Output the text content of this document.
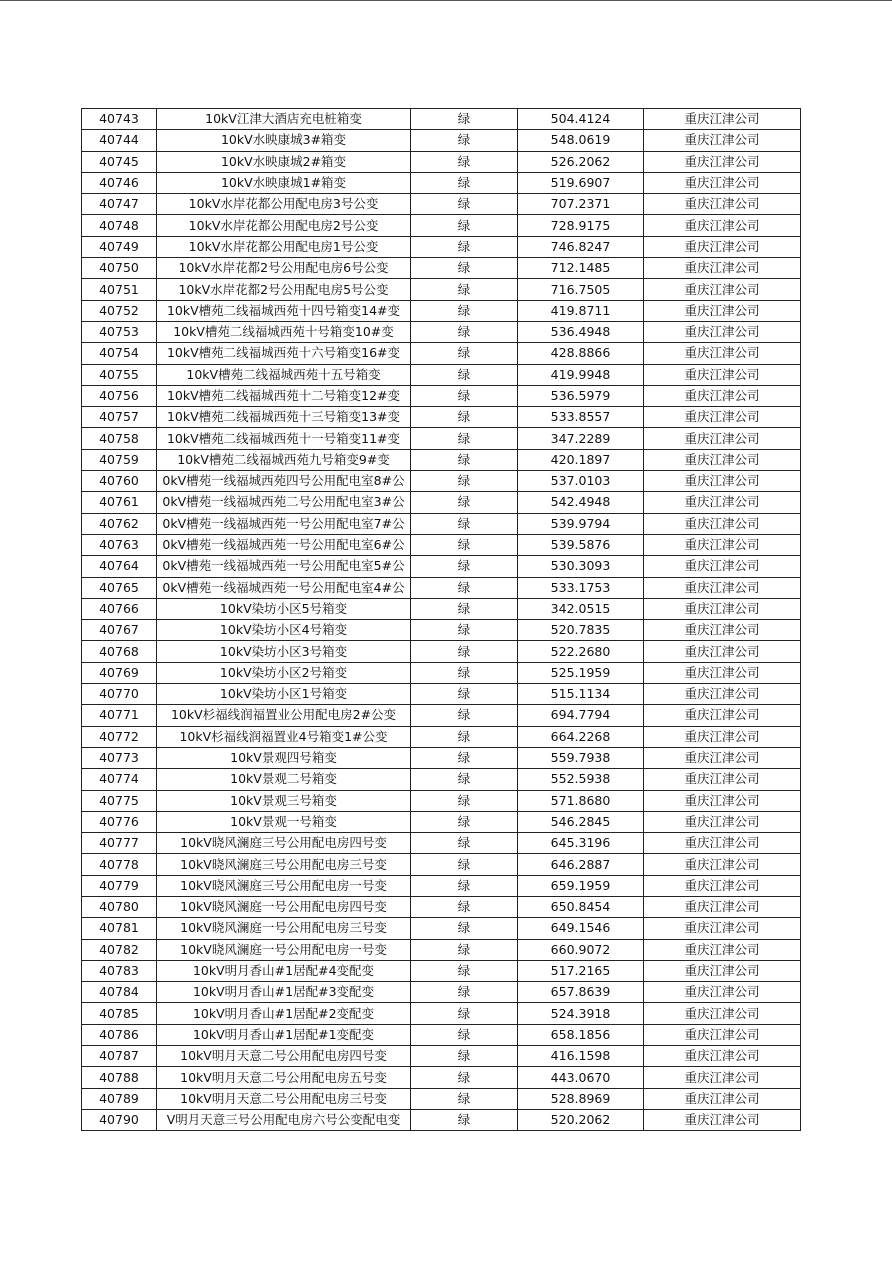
40743	10kV江津大酒店充电桩箱变	绿	504.4124	重庆江津公司
40744	10kV水映康城3#箱变	绿	548.0619	重庆江津公司
40745	10kV水映康城2#箱变	绿	526.2062	重庆江津公司
40746	10kV水映康城1#箱变	绿	519.6907	重庆江津公司
40747	10kV水岸花都公用配电房3号公变	绿	707.2371	重庆江津公司
40748	10kV水岸花都公用配电房2号公变	绿	728.9175	重庆江津公司
40749	10kV水岸花都公用配电房1号公变	绿	746.8247	重庆江津公司
40750	10kV水岸花都2号公用配电房6号公变	绿	712.1485	重庆江津公司
40751	10kV水岸花都2号公用配电房5号公变	绿	716.7505	重庆江津公司
40752	10kV槽苑二线福城西苑十四号箱变14#变	绿	419.8711	重庆江津公司
40753	10kV槽苑二线福城西苑十号箱变10#变	绿	536.4948	重庆江津公司
40754	10kV槽苑二线福城西苑十六号箱变16#变	绿	428.8866	重庆江津公司
40755	10kV槽苑二线福城西苑十五号箱变	绿	419.9948	重庆江津公司
40756	10kV槽苑二线福城西苑十二号箱变12#变	绿	536.5979	重庆江津公司
40757	10kV槽苑二线福城西苑十三号箱变13#变	绿	533.8557	重庆江津公司
40758	10kV槽苑二线福城西苑十一号箱变11#变	绿	347.2289	重庆江津公司
40759	10kV槽苑二线福城西苑九号箱变9#变	绿	420.1897	重庆江津公司
40760	0kV槽苑一线福城西苑四号公用配电室8#公	绿	537.0103	重庆江津公司
40761	0kV槽苑一线福城西苑二号公用配电室3#公	绿	542.4948	重庆江津公司
40762	0kV槽苑一线福城西苑一号公用配电室7#公	绿	539.9794	重庆江津公司
40763	0kV槽苑一线福城西苑一号公用配电室6#公	绿	539.5876	重庆江津公司
40764	0kV槽苑一线福城西苑一号公用配电室5#公	绿	530.3093	重庆江津公司
40765	0kV槽苑一线福城西苑一号公用配电室4#公	绿	533.1753	重庆江津公司
40766	10kV染坊小区5号箱变	绿	342.0515	重庆江津公司
40767	10kV染坊小区4号箱变	绿	520.7835	重庆江津公司
40768	10kV染坊小区3号箱变	绿	522.2680	重庆江津公司
40769	10kV染坊小区2号箱变	绿	525.1959	重庆江津公司
40770	10kV染坊小区1号箱变	绿	515.1134	重庆江津公司
40771	10kV杉福线润福置业公用配电房2#公变	绿	694.7794	重庆江津公司
40772	10kV杉福线润福置业4号箱变1#公变	绿	664.2268	重庆江津公司
40773	10kV景观四号箱变	绿	559.7938	重庆江津公司
40774	10kV景观二号箱变	绿	552.5938	重庆江津公司
40775	10kV景观三号箱变	绿	571.8680	重庆江津公司
40776	10kV景观一号箱变	绿	546.2845	重庆江津公司
40777	10kV晓风澜庭三号公用配电房四号变	绿	645.3196	重庆江津公司
40778	10kV晓风澜庭三号公用配电房三号变	绿	646.2887	重庆江津公司
40779	10kV晓风澜庭三号公用配电房一号变	绿	659.1959	重庆江津公司
40780	10kV晓风澜庭一号公用配电房四号变	绿	650.8454	重庆江津公司
40781	10kV晓风澜庭一号公用配电房三号变	绿	649.1546	重庆江津公司
40782	10kV晓风澜庭一号公用配电房一号变	绿	660.9072	重庆江津公司
40783	10kV明月香山#1居配#4变配变	绿	517.2165	重庆江津公司
40784	10kV明月香山#1居配#3变配变	绿	657.8639	重庆江津公司
40785	10kV明月香山#1居配#2变配变	绿	524.3918	重庆江津公司
40786	10kV明月香山#1居配#1变配变	绿	658.1856	重庆江津公司
40787	10kV明月天意二号公用配电房四号变	绿	416.1598	重庆江津公司
40788	10kV明月天意二号公用配电房五号变	绿	443.0670	重庆江津公司
40789	10kV明月天意二号公用配电房三号变	绿	528.8969	重庆江津公司
40790	V明月天意三号公用配电房六号公变配电变	绿	520.2062	重庆江津公司
